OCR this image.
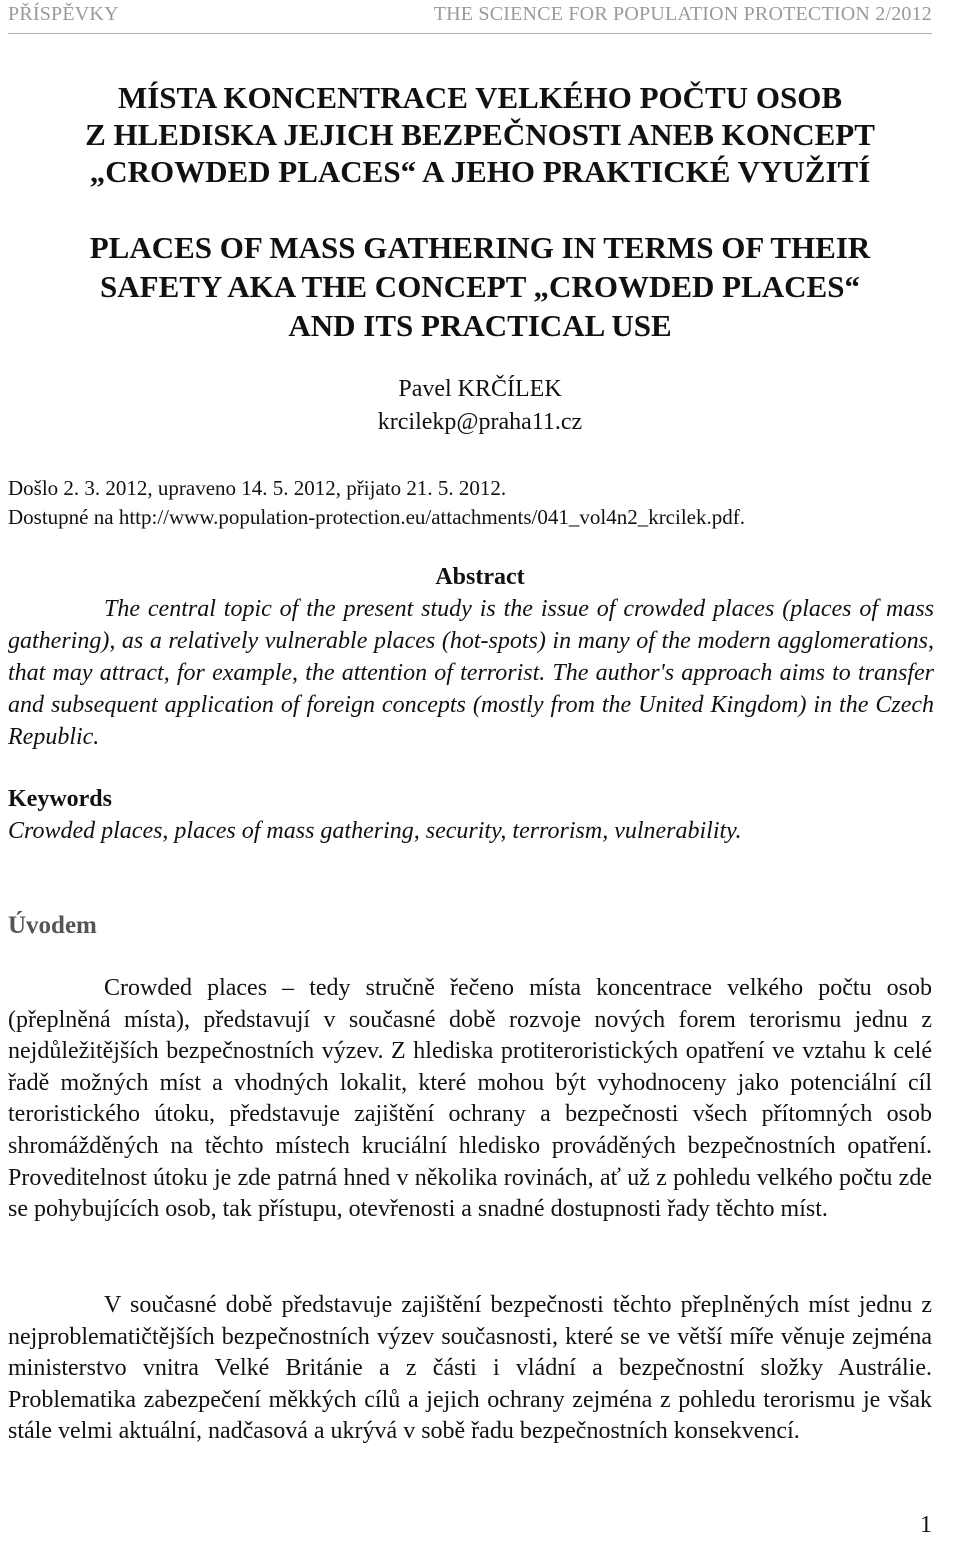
PŘÍSPĚVKY	THE SCIENCE FOR POPULATION PROTECTION 2/2012
MÍSTA KONCENTRACE VELKÉHO POČTU OSOB
Z HLEDISKA JEJICH BEZPEČNOSTI ANEB KONCEPT
„CROWDED PLACES“ A JEHO PRAKTICKÉ VYUŽITÍ
PLACES OF MASS GATHERING IN TERMS OF THEIR
SAFETY AKA THE CONCEPT „CROWDED PLACES“
AND ITS PRACTICAL USE
Pavel KRČÍLEK
krcilekp@praha11.cz
Došlo 2. 3. 2012, upraveno 14. 5. 2012, přijato 21. 5. 2012.
Dostupné na http://www.population-protection.eu/attachments/041_vol4n2_krcilek.pdf.
Abstract

The central topic of the present study is the issue of crowded places (places of mass gathering), as a relatively vulnerable places (hot-spots) in many of the modern agglomerations, that may attract, for example, the attention of terrorist. The author's approach aims to transfer and subsequent application of foreign concepts (mostly from the United Kingdom) in the Czech Republic.

Keywords
Crowded places, places of mass gathering, security, terrorism, vulnerability.
Úvodem

Crowded places – tedy stručně řečeno místa koncentrace velkého počtu osob (přeplněná místa), představují v současné době rozvoje nových forem terorismu jednu z nejdůležitějších bezpečnostních výzev. Z hlediska protiteroristických opatření ve vztahu k celé řadě možných míst a vhodných lokalit, které mohou být vyhodnoceny jako potenciální cíl teroristického útoku, představuje zajištění ochrany a bezpečnosti všech přítomných osob shromážděných na těchto místech kruciální hledisko prováděných bezpečnostních opatření. Proveditelnost útoku je zde patrná hned v několika rovinách, ať už z pohledu velkého počtu zde se pohybujících osob, tak přístupu, otevřenosti a snadné dostupnosti řady těchto míst.

V současné době představuje zajištění bezpečnosti těchto přeplněných míst jednu z nejproblematičtějších bezpečnostních výzev současnosti, které se ve větší míře věnuje zejména ministerstvo vnitra Velké Británie a z části i vládní a bezpečnostní složky Austrálie. Problematika zabezpečení měkkých cílů a jejich ochrany zejména z pohledu terorismu je však stále velmi aktuální, nadčasová a ukrývá v sobě řadu bezpečnostních konsekvencí.

1
